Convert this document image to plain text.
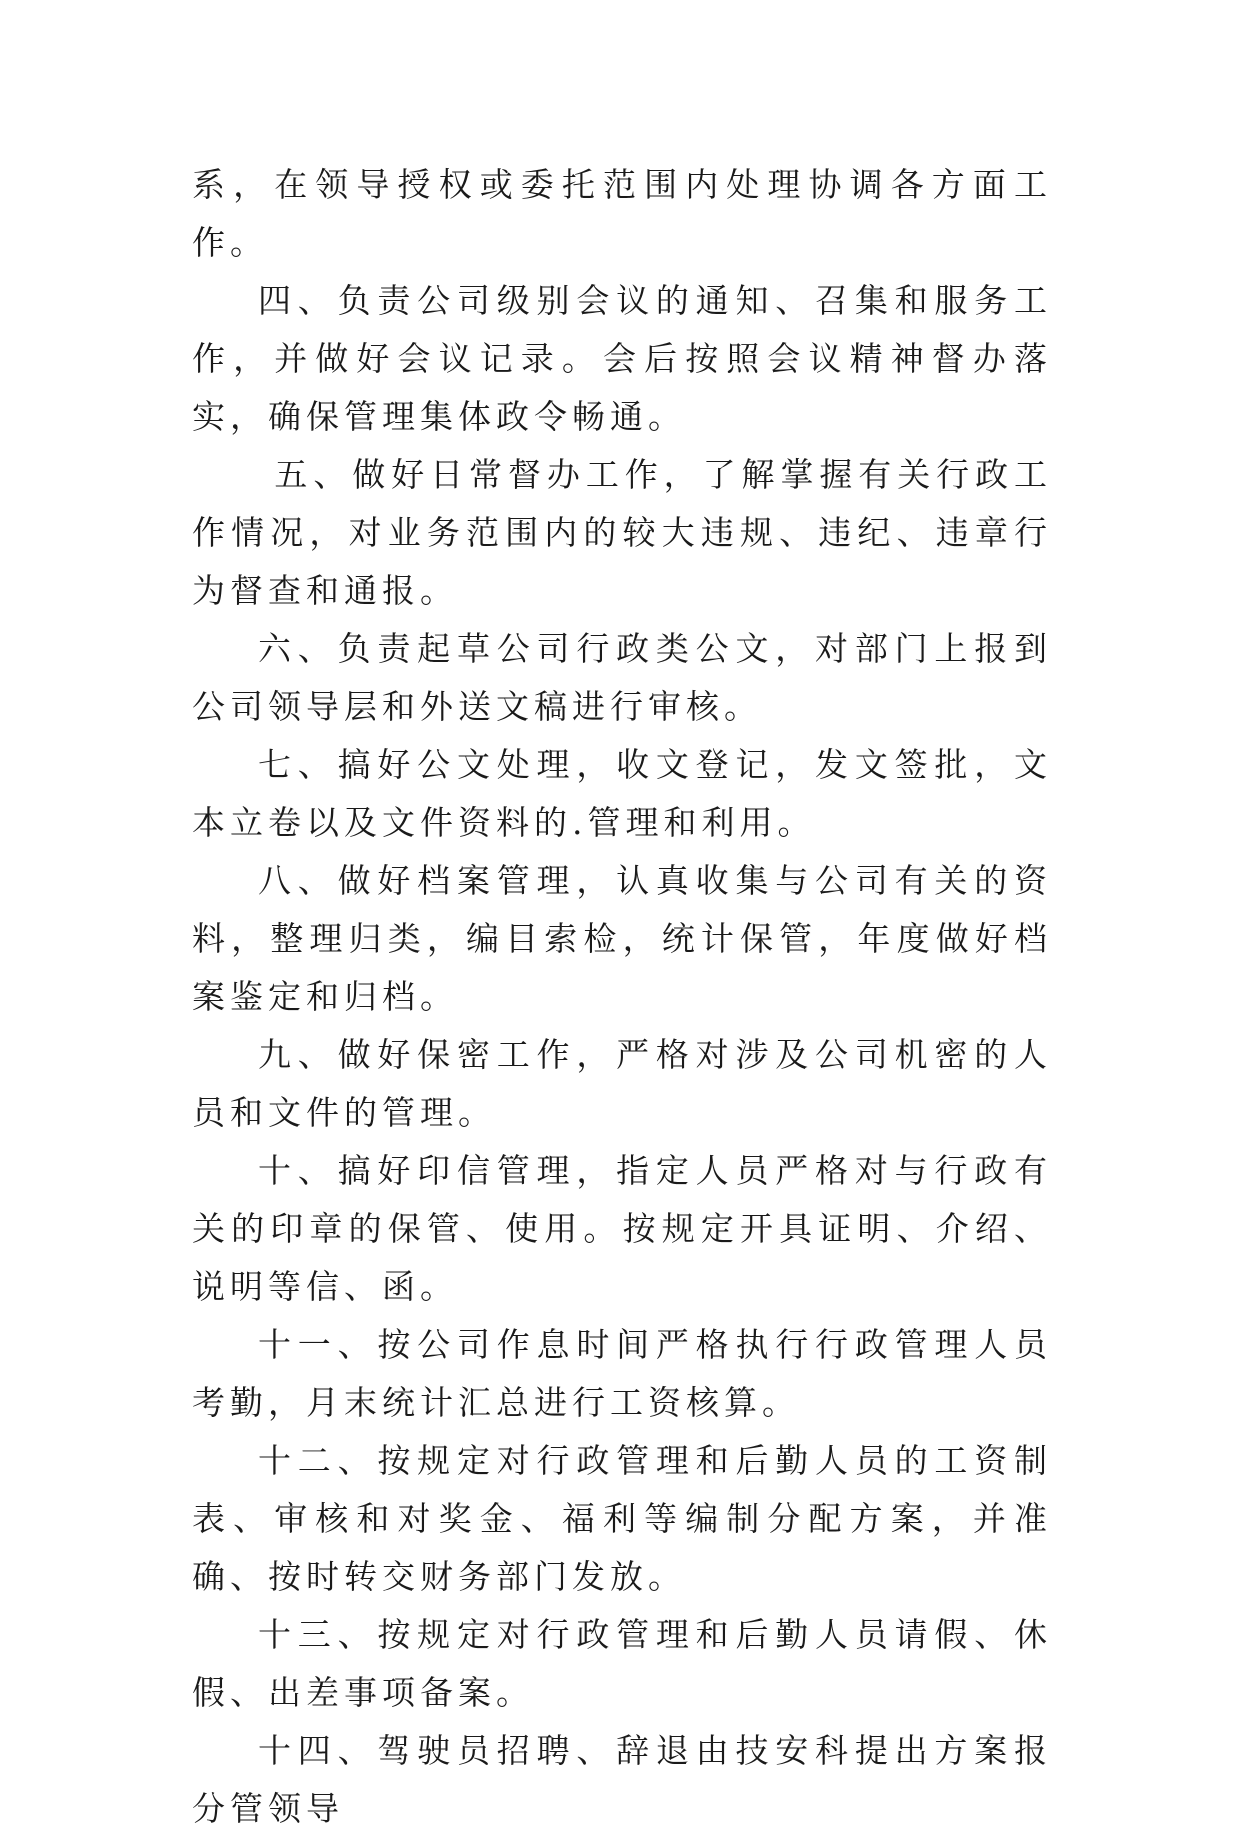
系，在领导授权或委托范围内处理协调各方面工作。

四、负责公司级别会议的通知、召集和服务工作，并做好会议记录。会后按照会议精神督办落实，确保管理集体政令畅通。

五、做好日常督办工作，了解掌握有关行政工作情况，对业务范围内的较大违规、违纪、违章行为督查和通报。

六、负责起草公司行政类公文，对部门上报到公司领导层和外送文稿进行审核。

七、搞好公文处理，收文登记，发文签批，文本立卷以及文件资料的.管理和利用。

八、做好档案管理，认真收集与公司有关的资料，整理归类，编目索检，统计保管，年度做好档案鉴定和归档。

九、做好保密工作，严格对涉及公司机密的人员和文件的管理。

十、搞好印信管理，指定人员严格对与行政有关的印章的保管、使用。按规定开具证明、介绍、说明等信、函。

十一、按公司作息时间严格执行行政管理人员考勤，月末统计汇总进行工资核算。

十二、按规定对行政管理和后勤人员的工资制表、审核和对奖金、福利等编制分配方案，并准确、按时转交财务部门发放。

十三、按规定对行政管理和后勤人员请假、休假、出差事项备案。

十四、驾驶员招聘、辞退由技安科提出方案报分管领导
